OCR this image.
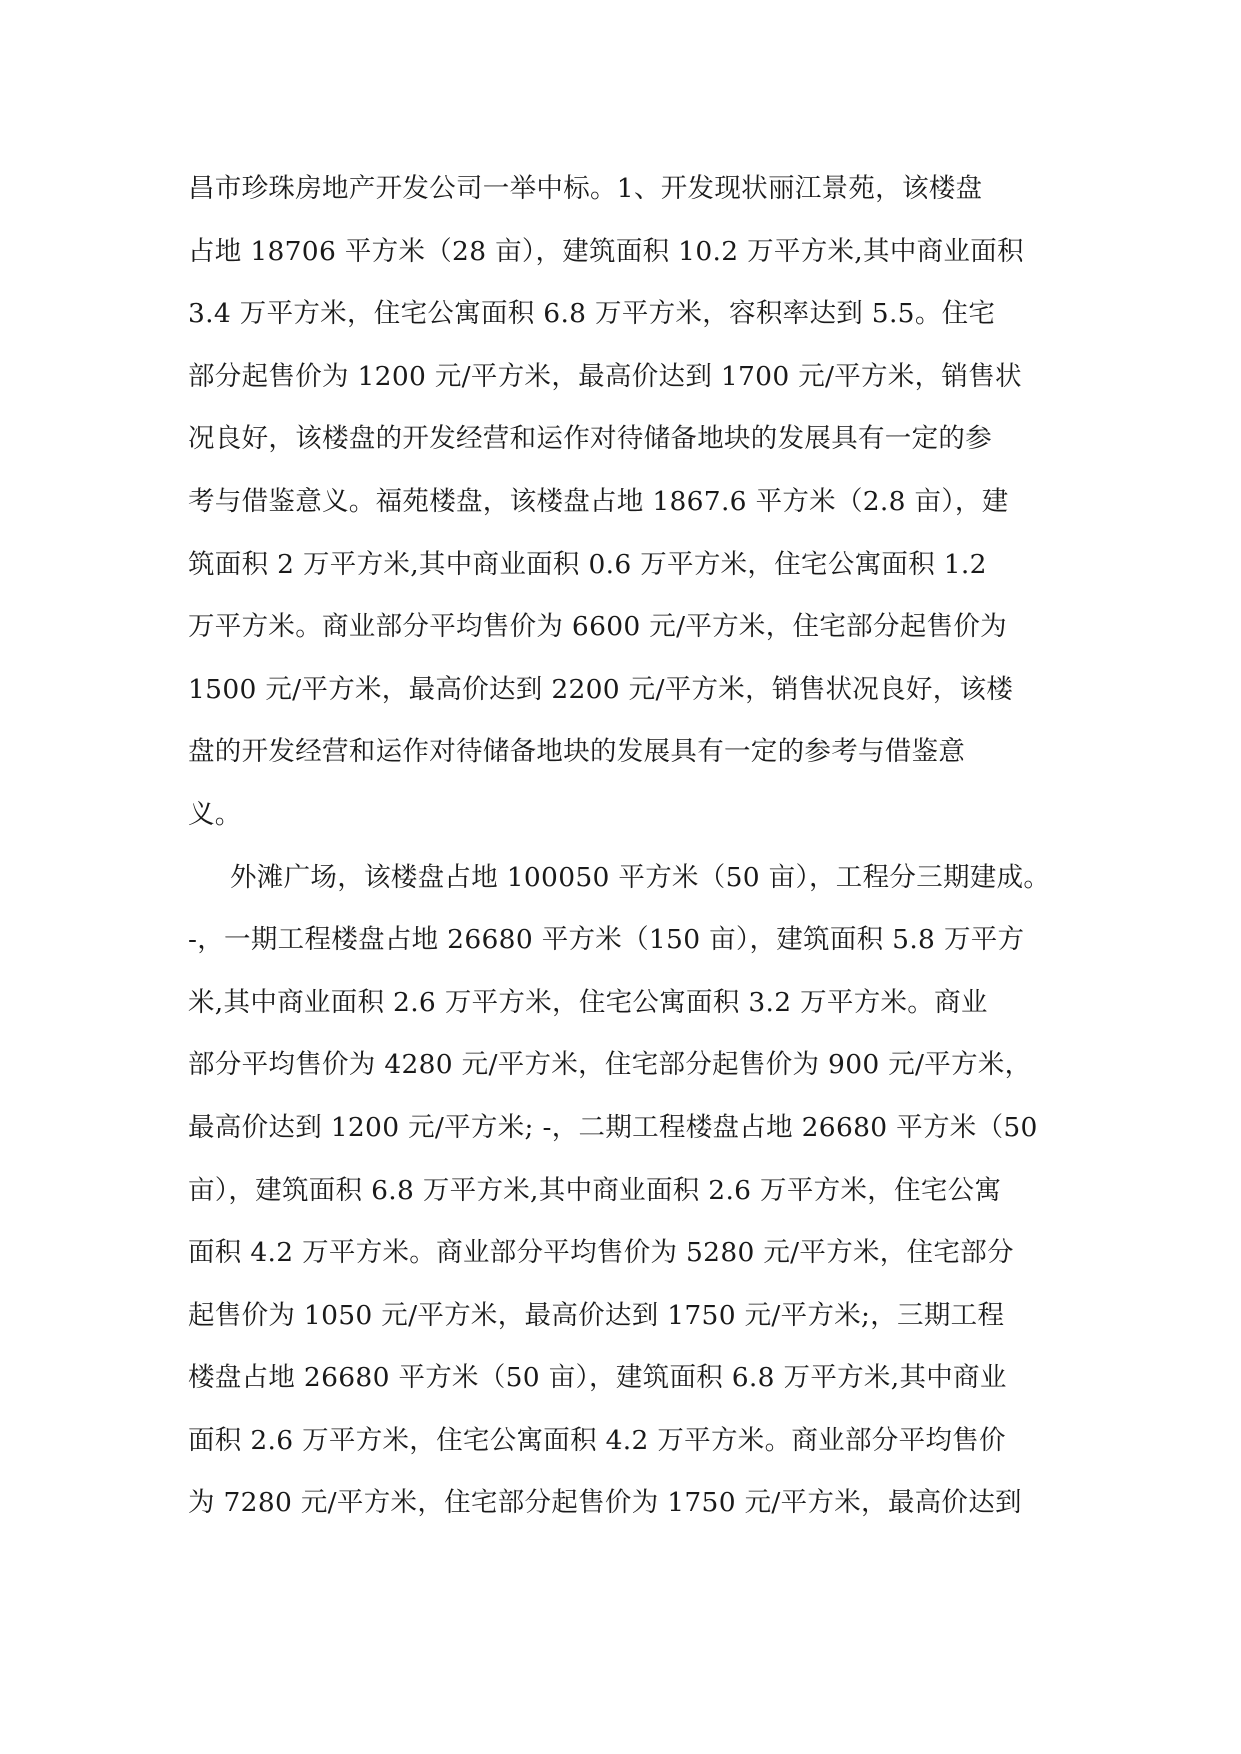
昌市珍珠房地产开发公司一举中标。1、开发现状丽江景苑，该楼盘
占地 18706 平方米（28 亩），建筑面积 10.2 万平方米,其中商业面积
3.4 万平方米，住宅公寓面积 6.8 万平方米，容积率达到 5.5。住宅
部分起售价为 1200 元/平方米，最高价达到 1700 元/平方米，销售状
况良好，该楼盘的开发经营和运作对待储备地块的发展具有一定的参
考与借鉴意义。福苑楼盘，该楼盘占地 1867.6 平方米（2.8 亩），建
筑面积 2 万平方米,其中商业面积 0.6 万平方米，住宅公寓面积 1.2
万平方米。商业部分平均售价为 6600 元/平方米，住宅部分起售价为
1500 元/平方米，最高价达到 2200 元/平方米，销售状况良好，该楼
盘的开发经营和运作对待储备地块的发展具有一定的参考与借鉴意
义。
外滩广场，该楼盘占地 100050 平方米（50 亩），工程分三期建成。
-，一期工程楼盘占地 26680 平方米（150 亩），建筑面积 5.8 万平方
米,其中商业面积 2.6 万平方米，住宅公寓面积 3.2 万平方米。商业
部分平均售价为 4280 元/平方米，住宅部分起售价为 900 元/平方米，
最高价达到 1200 元/平方米; -，二期工程楼盘占地 26680 平方米（50
亩），建筑面积 6.8 万平方米,其中商业面积 2.6 万平方米，住宅公寓
面积 4.2 万平方米。商业部分平均售价为 5280 元/平方米，住宅部分
起售价为 1050 元/平方米，最高价达到 1750 元/平方米;，三期工程
楼盘占地 26680 平方米（50 亩），建筑面积 6.8 万平方米,其中商业
面积 2.6 万平方米，住宅公寓面积 4.2 万平方米。商业部分平均售价
为 7280 元/平方米，住宅部分起售价为 1750 元/平方米，最高价达到
